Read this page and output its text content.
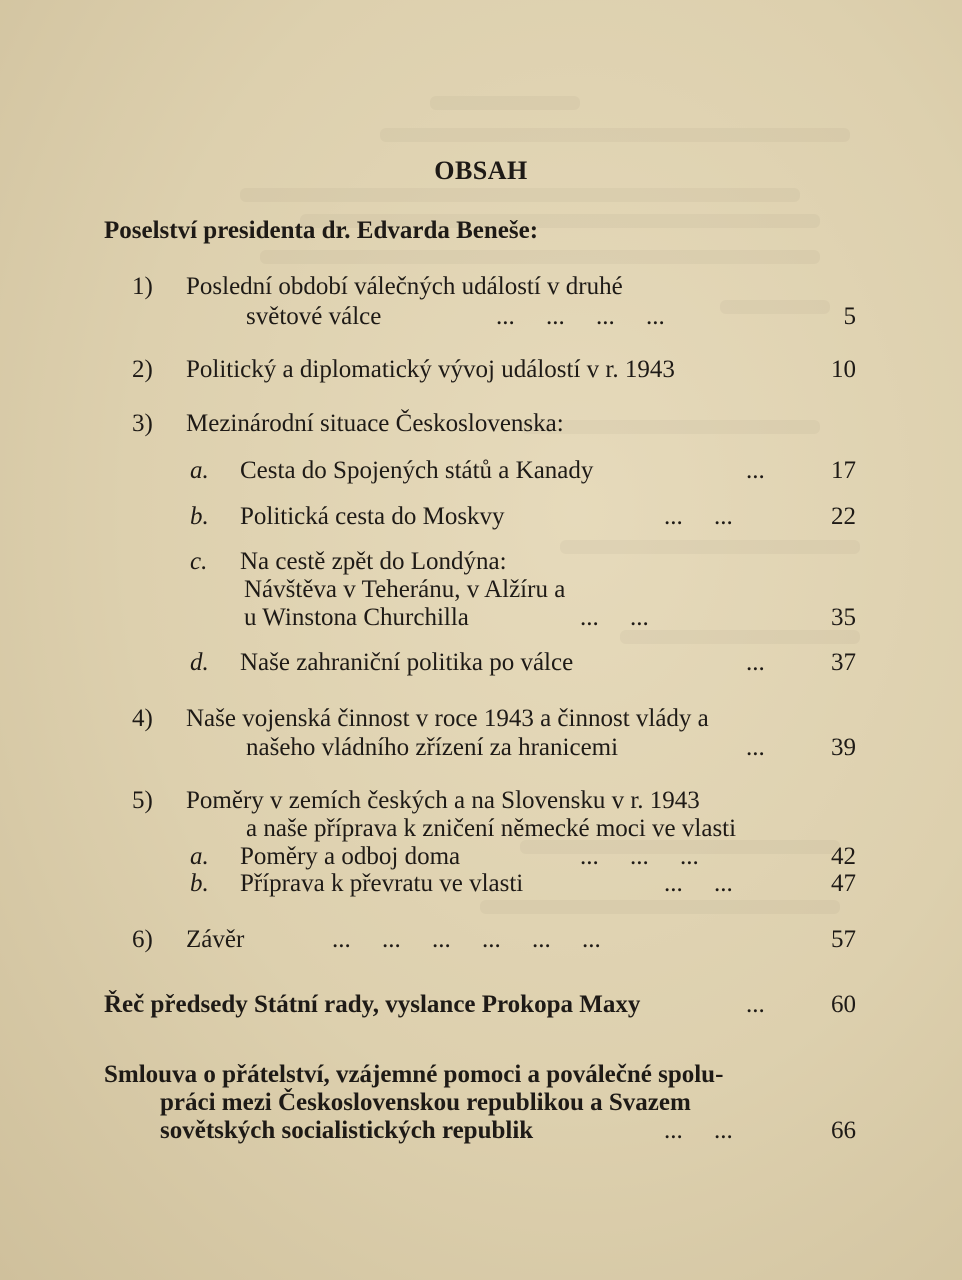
OBSAH
Poselství presidenta dr. Edvarda Beneše:
1) Poslední období válečných událostí v druhé
světové válce	...     ...     ...     ...	5
2) Politický a diplomatický vývoj událostí v r. 1943	10
3) Mezinárodní situace Československa:
a. Cesta do Spojených států a Kanady	...	17
b. Politická cesta do Moskvy	...     ...	22
c. Na cestě zpět do Londýna:
Návštěva v Teheránu, v Alžíru a
u Winstona Churchilla	...     ...	35
d. Naše zahraniční politika po válce	...	37
4) Naše vojenská činnost v roce 1943 a činnost vlády a
našeho vládního zřízení za hranicemi	...	39
5) Poměry v zemích českých a na Slovensku v r. 1943
a naše příprava k zničení německé moci ve vlasti
a. Poměry a odboj doma	...     ...     ...	42
b. Příprava k převratu ve vlasti	...     ...	47
6) Závěr	...     ...     ...     ...     ...     ...	57
Řeč předsedy Státní rady, vyslance Prokopa Maxy	...	60
Smlouva o přátelství, vzájemné pomoci a poválečné spolu-
práci mezi Československou republikou a Svazem
sovětských socialistických republik	...     ...	66
